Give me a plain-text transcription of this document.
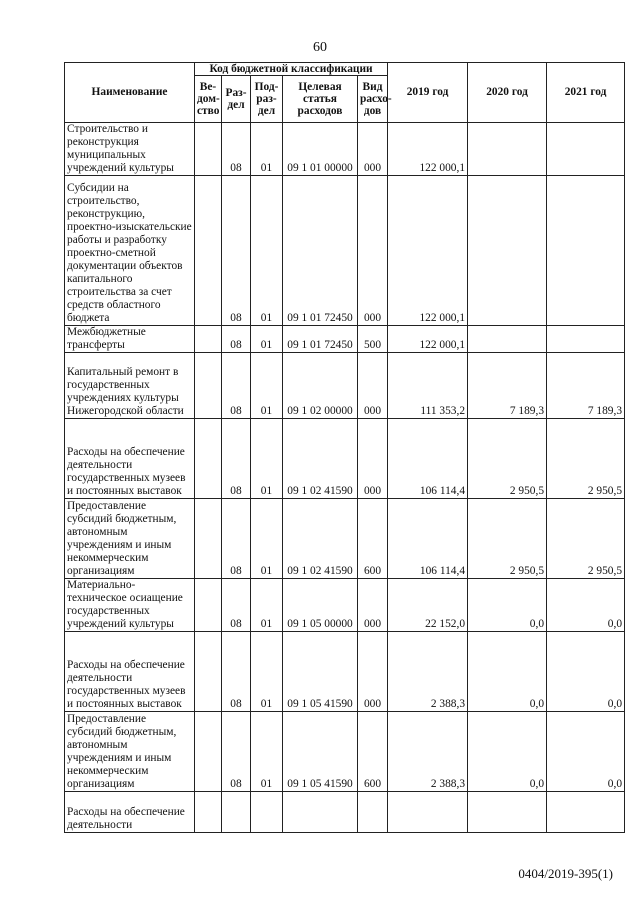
60
Наименование	Код бюджетной классификации					2019 год	2020 год	2021 год
	Ве-дом-ство	Раз-дел	Под-раз-дел	Целевая статья расходов	Вид расхо-дов			
Строительство и реконструкция муниципальных учреждений культуры		08	01	09 1 01 00000	000	122 000,1		
Субсидии на строительство, реконструкцию, проектно-изыскательские работы и разработку проектно-сметной документации объектов капитального строительства за счет средств областного бюджета		08	01	09 1 01 72450	000	122 000,1		
Межбюджетные трансферты		08	01	09 1 01 72450	500	122 000,1		
Капитальный ремонт в государственных учреждениях культуры Нижегородской области		08	01	09 1 02 00000	000	111 353,2	7 189,3	7 189,3
Расходы на обеспечение деятельности государственных музеев и постоянных выставок		08	01	09 1 02 41590	000	106 114,4	2 950,5	2 950,5
Предоставление субсидий бюджетным, автономным учреждениям и иным некоммерческим организациям		08	01	09 1 02 41590	600	106 114,4	2 950,5	2 950,5
Материально-техническое осиащение государственных учреждений культуры		08	01	09 1 05 00000	000	22 152,0	0,0	0,0
Расходы на обеспечение деятельности государственных музеев и постоянных выставок		08	01	09 1 05 41590	000	2 388,3	0,0	0,0
Предоставление субсидий бюджетным, автономным учреждениям и иным некоммерческим организациям		08	01	09 1 05 41590	600	2 388,3	0,0	0,0
Расходы на обеспечение деятельности								
0404/2019-395(1)
